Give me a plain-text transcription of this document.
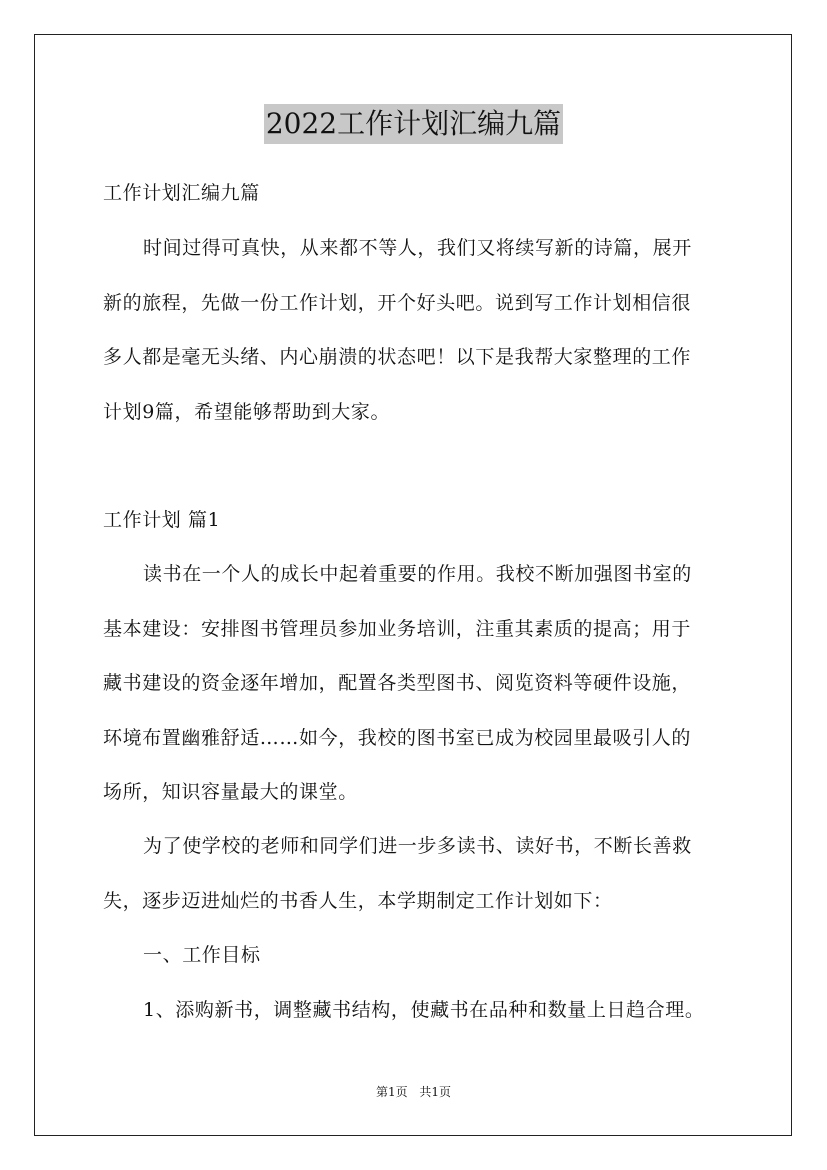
2022工作计划汇编九篇
工作计划汇编九篇
时间过得可真快，从来都不等人，我们又将续写新的诗篇，展开
新的旅程，先做一份工作计划，开个好头吧。说到写工作计划相信很
多人都是毫无头绪、内心崩溃的状态吧！以下是我帮大家整理的工作
计划9篇，希望能够帮助到大家。
工作计划 篇1
读书在一个人的成长中起着重要的作用。我校不断加强图书室的
基本建设：安排图书管理员参加业务培训，注重其素质的提高；用于
藏书建设的资金逐年增加，配置各类型图书、阅览资料等硬件设施，
环境布置幽雅舒适……如今，我校的图书室已成为校园里最吸引人的
场所，知识容量最大的课堂。
为了使学校的老师和同学们进一步多读书、读好书，不断长善救
失，逐步迈进灿烂的书香人生，本学期制定工作计划如下：
一、工作目标
1、添购新书，调整藏书结构，使藏书在品种和数量上日趋合理。
第1页 共1页
